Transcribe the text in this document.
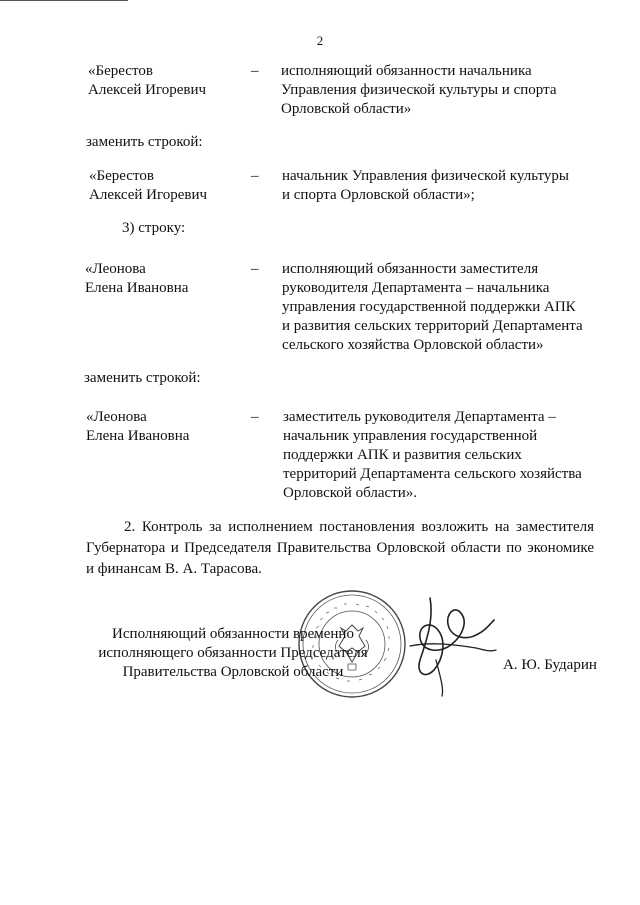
2
«Берестов
Алексей Игоревич
– исполняющий обязанности начальника
Управления физической культуры и спорта
Орловской области»
заменить строкой:
«Берестов
Алексей Игоревич
– начальник Управления физической культуры
и спорта Орловской области»;
3) строку:
«Леонова
Елена Ивановна
– исполняющий обязанности заместителя
руководителя Департамента – начальника
управления государственной поддержки АПК
и развития сельских территорий Департамента
сельского хозяйства Орловской области»
заменить строкой:
«Леонова
Елена Ивановна
– заместитель руководителя Департамента –
начальник управления государственной
поддержки АПК и развития сельских
территорий Департамента сельского хозяйства
Орловской области».
2. Контроль за исполнением постановления возложить на заместителя Губернатора и Председателя Правительства Орловской области по экономике и финансам В. А. Тарасова.
Исполняющий обязанности временно
исполняющего обязанности Председателя
Правительства Орловской области	А. Ю. Бударин
